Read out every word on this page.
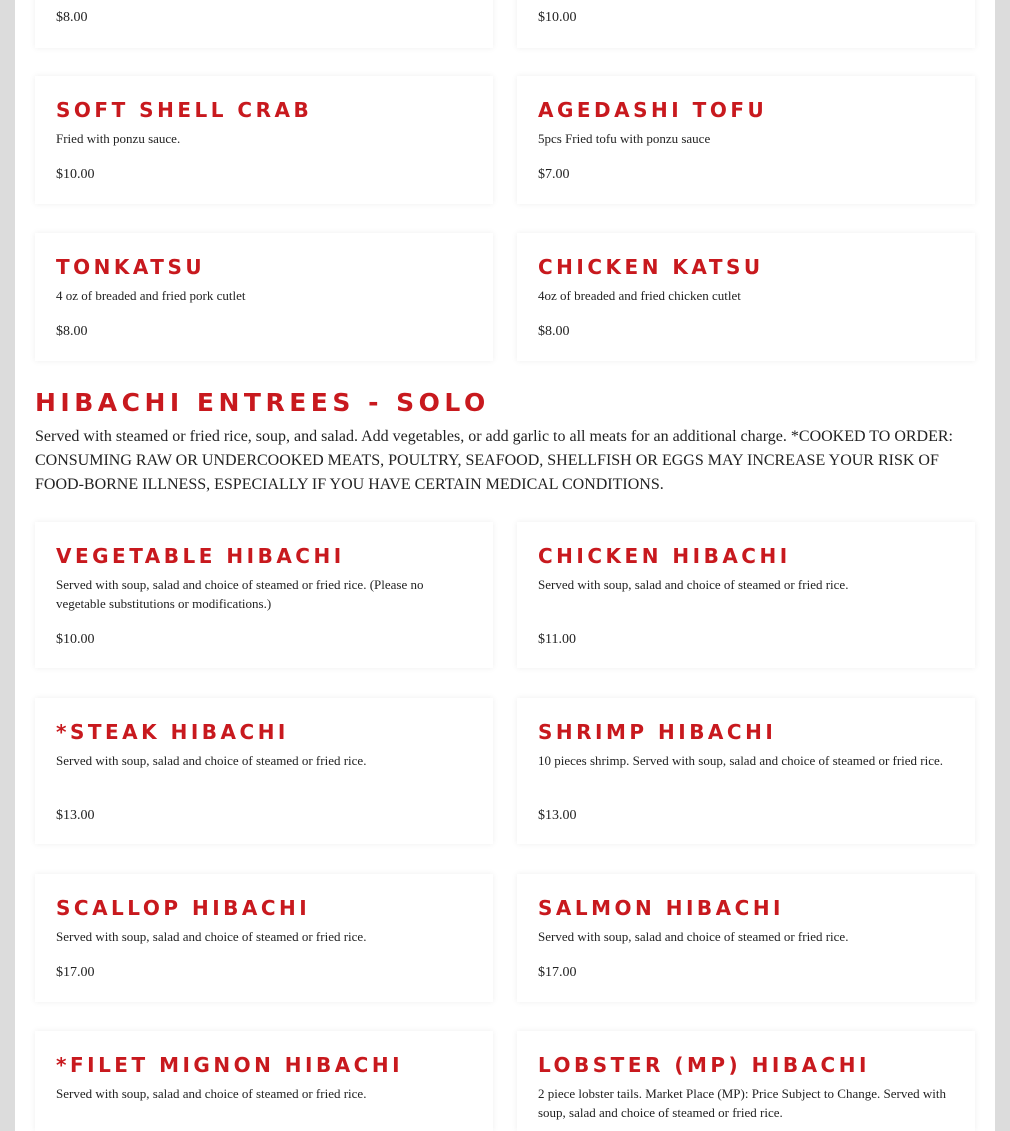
$8.00	$10.00

SOFT SHELL CRAB

Fried with ponzu sauce.

$10.00

AGEDASHI TOFU

5pcs Fried tofu with ponzu sauce

$7.00

TONKATSU

4 oz of breaded and fried pork cutlet

$8.00

CHICKEN KATSU

4oz of breaded and fried chicken cutlet

$8.00

HIBACHI ENTREES - SOLO

Served with steamed or fried rice, soup, and salad. Add vegetables, or add garlic to all meats for an additional charge. *COOKED TO ORDER: CONSUMING RAW OR UNDERCOOKED MEATS, POULTRY, SEAFOOD, SHELLFISH OR EGGS MAY INCREASE YOUR RISK OF FOOD-BORNE ILLNESS, ESPECIALLY IF YOU HAVE CERTAIN MEDICAL CONDITIONS.

VEGETABLE HIBACHI

Served with soup, salad and choice of steamed or fried rice. (Please no vegetable substitutions or modifications.)

$10.00

CHICKEN HIBACHI

Served with soup, salad and choice of steamed or fried rice.

$11.00

*STEAK HIBACHI

Served with soup, salad and choice of steamed or fried rice.

$13.00

SHRIMP HIBACHI

10 pieces shrimp. Served with soup, salad and choice of steamed or fried rice.

$13.00

SCALLOP HIBACHI

Served with soup, salad and choice of steamed or fried rice.

$17.00

SALMON HIBACHI

Served with soup, salad and choice of steamed or fried rice.

$17.00

*FILET MIGNON HIBACHI

Served with soup, salad and choice of steamed or fried rice.

LOBSTER (MP) HIBACHI

2 piece lobster tails. Market Place (MP): Price Subject to Change. Served with soup, salad and choice of steamed or fried rice.
